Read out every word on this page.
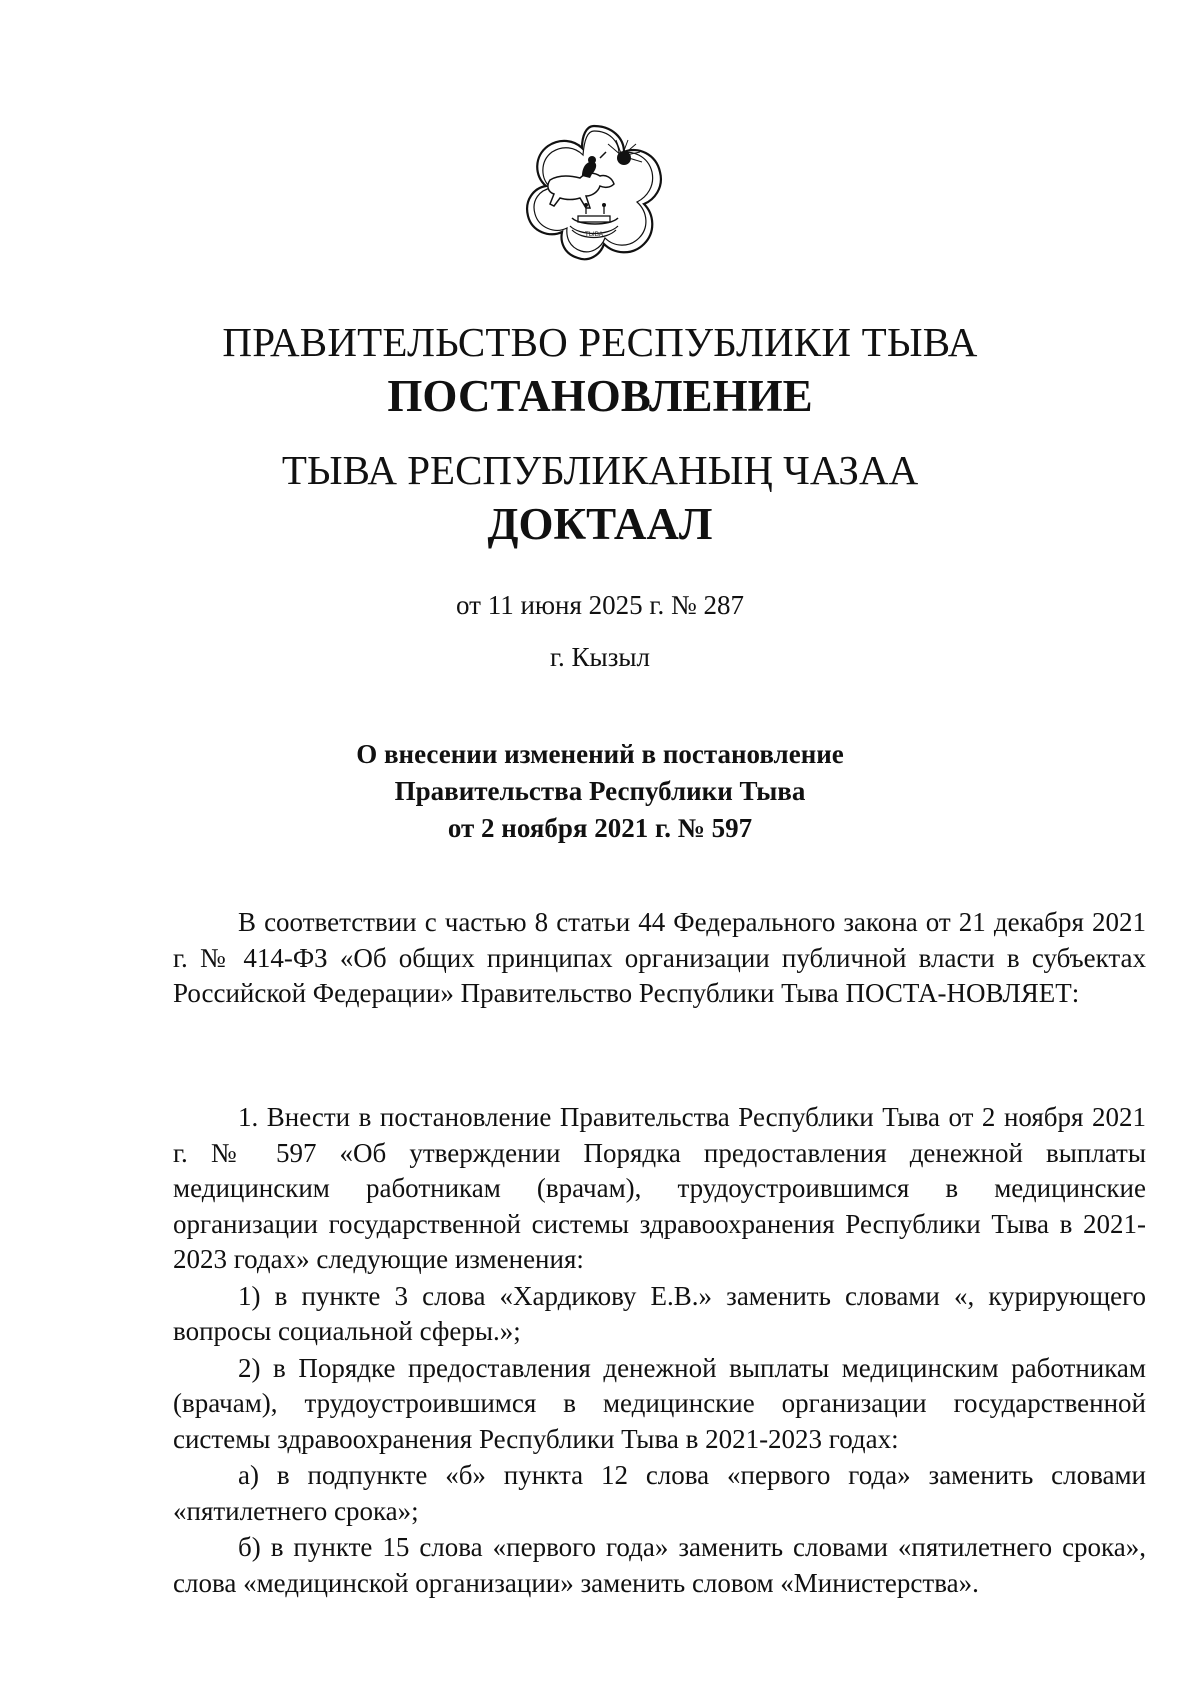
ТЫВА
ПРАВИТЕЛЬСТВО РЕСПУБЛИКИ ТЫВА
ПОСТАНОВЛЕНИЕ
ТЫВА РЕСПУБЛИКАНЫҢ ЧАЗАА
ДОКТААЛ
от 11 июня 2025 г. № 287
г. Кызыл
О внесении изменений в постановление
Правительства Республики Тыва
от 2 ноября 2021 г. № 597

В соответствии с частью 8 статьи 44 Федерального закона от 21 декабря 2021 г. № 414-ФЗ «Об общих принципах организации публичной власти в субъектах Российской Федерации» Правительство Республики Тыва ПОСТА-НОВЛЯЕТ:

1. Внести в постановление Правительства Республики Тыва от 2 ноября 2021 г. № 597 «Об утверждении Порядка предоставления денежной выплаты медицинским работникам (врачам), трудоустроившимся в медицинские организации государственной системы здравоохранения Республики Тыва в 2021-2023 годах» следующие изменения:

1) в пункте 3 слова «Хардикову Е.В.» заменить словами «, курирующего вопросы социальной сферы.»;

2) в Порядке предоставления денежной выплаты медицинским работникам (врачам), трудоустроившимся в медицинские организации государственной системы здравоохранения Республики Тыва в 2021-2023 годах:

а) в подпункте «б» пункта 12 слова «первого года» заменить словами «пятилетнего срока»;

б) в пункте 15 слова «первого года» заменить словами «пятилетнего срока», слова «медицинской организации» заменить словом «Министерства».
